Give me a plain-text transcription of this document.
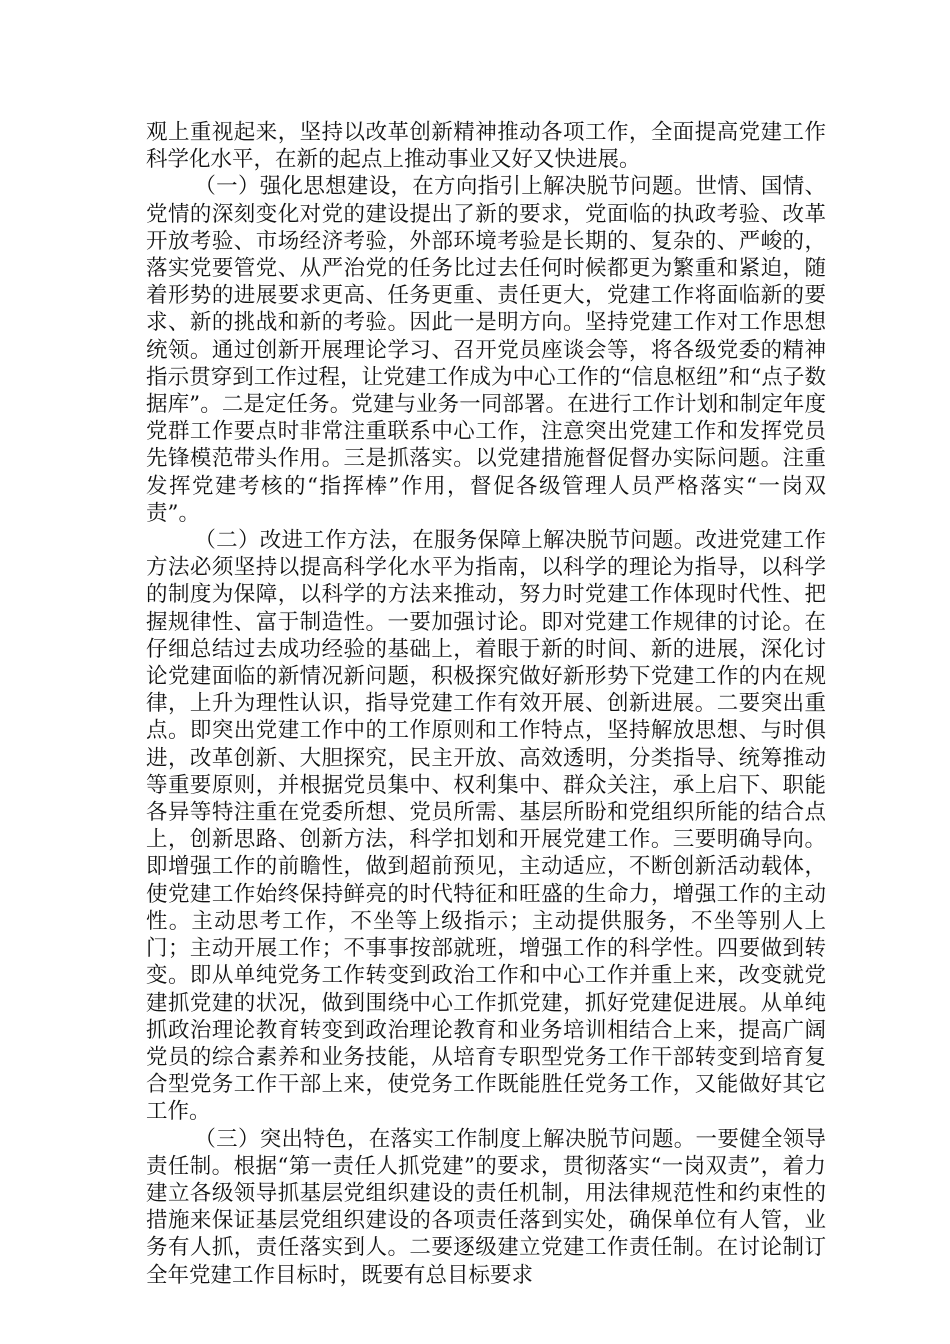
观上重视起来，坚持以改革创新精神推动各项工作，全面提高党建工作科学化水平，在新的起点上推动事业又好又快进展。

（一）强化思想建设，在方向指引上解决脱节问题。世情、国情、党情的深刻变化对党的建设提出了新的要求，党面临的执政考验、改革开放考验、市场经济考验，外部环境考验是长期的、复杂的、严峻的，落实党要管党、从严治党的任务比过去任何时候都更为繁重和紧迫，随着形势的进展要求更高、任务更重、责任更大，党建工作将面临新的要求、新的挑战和新的考验。因此一是明方向。坚持党建工作对工作思想统领。通过创新开展理论学习、召开党员座谈会等，将各级党委的精神指示贯穿到工作过程，让党建工作成为中心工作的“信息枢纽”和“点子数据库”。二是定任务。党建与业务一同部署。在进行工作计划和制定年度党群工作要点时非常注重联系中心工作，注意突出党建工作和发挥党员先锋模范带头作用。三是抓落实。以党建措施督促督办实际问题。注重发挥党建考核的“指挥棒”作用，督促各级管理人员严格落实“一岗双责”。

（二）改进工作方法，在服务保障上解决脱节问题。改进党建工作方法必须坚持以提高科学化水平为指南，以科学的理论为指导，以科学的制度为保障，以科学的方法来推动，努力时党建工作体现时代性、把握规律性、富于制造性。一要加强讨论。即对党建工作规律的讨论。在仔细总结过去成功经验的基础上，着眼于新的时间、新的进展，深化讨论党建面临的新情况新问题，积极探究做好新形势下党建工作的内在规律，上升为理性认识，指导党建工作有效开展、创新进展。二要突出重点。即突出党建工作中的工作原则和工作特点，坚持解放思想、与时俱进，改革创新、大胆探究，民主开放、高效透明，分类指导、统筹推动等重要原则，并根据党员集中、权利集中、群众关注，承上启下、职能各异等特注重在党委所想、党员所需、基层所盼和党组织所能的结合点上，创新思路、创新方法，科学扣划和开展党建工作。三要明确导向。即增强工作的前瞻性，做到超前预见，主动适应，不断创新活动载体，使党建工作始终保持鲜亮的时代特征和旺盛的生命力，增强工作的主动性。主动思考工作，不坐等上级指示；主动提供服务，不坐等别人上门；主动开展工作；不事事按部就班，增强工作的科学性。四要做到转变。即从单纯党务工作转变到政治工作和中心工作并重上来，改变就党建抓党建的状况，做到围绕中心工作抓党建，抓好党建促进展。从单纯抓政治理论教育转变到政治理论教育和业务培训相结合上来，提高广阔党员的综合素养和业务技能，从培育专职型党务工作干部转变到培育复合型党务工作干部上来，使党务工作既能胜任党务工作，又能做好其它工作。

（三）突出特色，在落实工作制度上解决脱节问题。一要健全领导责任制。根据“第一责任人抓党建”的要求，贯彻落实“一岗双责”，着力建立各级领导抓基层党组织建设的责任机制，用法律规范性和约束性的措施来保证基层党组织建设的各项责任落到实处，确保单位有人管，业务有人抓，责任落实到人。二要逐级建立党建工作责任制。在讨论制订全年党建工作目标时，既要有总目标要求
